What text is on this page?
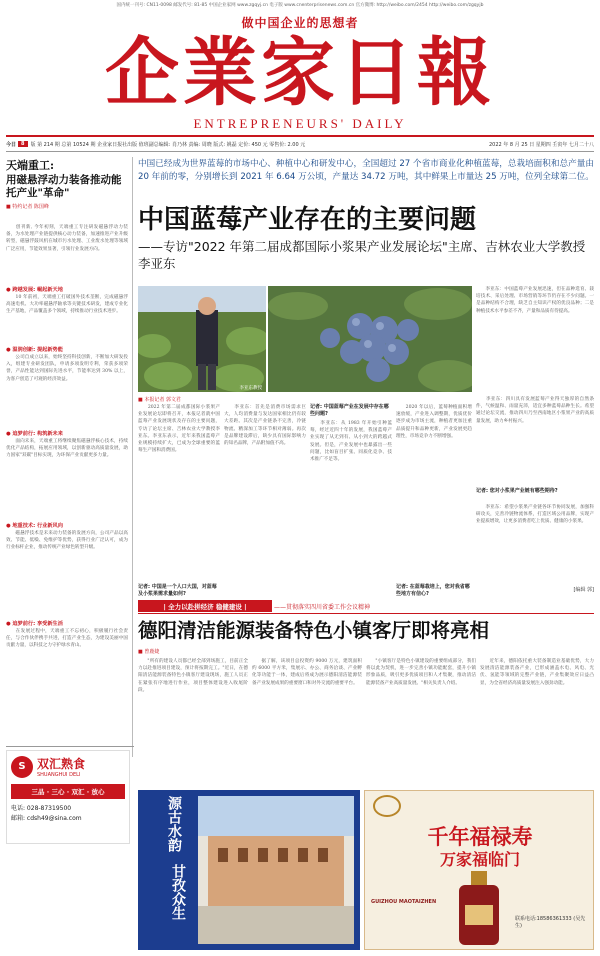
国内统一刊号: CN11-0098 邮发代号: 81-85 中国企业家网 www.zgqyj.cn 电子版 www.cnenterprisenews.com.cn 官方微博: http://weibo.com/2454 http://weibo.com/zgqyjb
做中国企业的思想者
企業家日報
ENTREPRENEURS' DAILY
今日	8	版 第 214 期 总第 10524 期 企业家日报社出版 值班副总编辑: 肖乃林 责编: 周晓 版式: 姚磊 定价: 450 元 零售价: 2.00 元	2022 年 8 月 25 日 星期四 壬寅年 七月二十八
天端重工:
用磁悬浮动力装备推动能托产业"革命"
■ 特约记者 陈国峰
　　创刊新, 今年初刻，天端重工专注研发磁悬浮动力装备，为水处理产业链提供核心动力装备，加速推进产业升级转型，磁悬浮鼓风机在城市污水处理、工业废水处理等领域广泛应用，节能效果显著，引领行业发展方向。
● 跨越发展: 崛起新天地
　　10 年前初，天端重工打破国外技术垄断，完成磁悬浮高速电机、大功率磁悬浮轴承等关键技术研发，建成专业化生产基地，产品覆盖多个领域，持续推动行业技术进步。
● 温润创新: 提起新势能
　　公司自成立以来，始终坚持科技创新，不断加大研发投入，组建专业研发团队，申请多项发明专利，荣获多项荣誉，产品性能达到国际先进水平，节能率达到 30% 以上，为客户创造了可观的经济效益。
● 追梦前行: 构筑新未来
　　面向未来，天端重工将继续聚焦磁悬浮核心技术，持续优化产品结构，拓展应用领域，以创新驱动高质量发展，助力国家"双碳"目标实现，为环保产业贡献更多力量。
● 地重技术: 行业新风向
　　磁悬浮技术是未来动力装备的发展方向，公司产品以高效、节能、低噪、免维护等优势，获得行业广泛认可，成为行业标杆企业，推动传统产业绿色转型升级。
● 追梦前行: 享受新生活
　　在发展过程中，天端重工不忘初心，积极履行社会责任，与合作伙伴携手共进，打造产业生态，为建设美丽中国贡献力量，以科技之力守护绿水青山。
中国已经成为世界蓝莓的市场中心、种植中心和研发中心，全国超过 27 个省市商业化种植蓝莓，总栽培面积和总产量由 20 年前的零，分别增长到 2021 年 6.64 万公顷，产量达 34.72 万吨，其中鲜果上市量达 25 万吨，位列全球第二位。
中国蓝莓产业存在的主要问题
——专访"2022 年第二届成都国际小浆果产业发展论坛"主席、吉林农业大学教授李亚东
李亚东教授
　　李亚东：中国蓝莓产业发展迅速，但在品种选育、栽培技术、采后处理、市场营销等环节仍存在不少问题。一是品种结构不合理，缺乏自主知识产权的优良品种；二是种植技术水平参差不齐，产量和品质有待提高。
■ 本报记者 郭文君
　　2022 年第二届成都国际小浆果产业发展论坛即将召开，本报记者就中国蓝莓产业发展现状及存在的主要问题，专访了论坛主席、吉林农业大学教授李亚东。李亚东表示，近年来我国蓝莓产业规模持续扩大，已成为全球重要的蓝莓生产国和消费国。
记者: 中国是一个人口大国，对蓝莓及小浆果需求量如何?
　　李亚东：首先是消费市场需求巨大，人均消费量与发达国家相比仍有较大差距。其次是产业链条不完善，冷链物流、精深加工等环节相对薄弱。再次是品牌建设滞后，缺少具有国际影响力的知名品牌，产品附加值不高。
记者: 中国蓝莓产业在发展中存在哪些问题?
　　李亚东：从 1983 年开始引种蓝莓，经过近四十年的发展，我国蓝莓产业实现了从无到有、从小到大的跨越式发展。但是，产业发展中也暴露出一些问题，比如盲目扩张、同质化竞争、技术推广不足等。
　　2020 年以后，蓝莓种植面积增速放缓，产业进入调整期，优质优价逐步成为市场主流，种植者更加注重品质提升和品种更新，产业发展更趋理性，市场竞争力不断增强。
记者: 在蓝莓栽培上，您对我省哪些地方有信心?
　　李亚东：四川具有发展蓝莓产业得天独厚的自然条件，气候温和、雨量充沛，适宜多种蓝莓品种生长。希望通过论坛交流，推动四川乃至西南地区小浆果产业的高质量发展，助力乡村振兴。
记者: 您对小浆果产业链有哪些期待?
　　李亚东：希望小浆果产业链各环节协同发展，加强科研攻关，完善冷链物流体系，打造区域公用品牌，实现产业提质增效，让更多消费者吃上优质、健康的小浆果。
[编辑 郭]
| 全力以赴拼经济 稳健建设 |	——贯彻落实四川省委工作会议精神
德阳清洁能源装备特色小镇客厅即将亮相
■ 曾鹿婕
　　"所有的建设人员都已经全部到场施工，目前正全力以赴推进项目建设，预计将按期完工。"近日，在德阳清洁能源装备特色小镇客厅建设现场，施工人员正在紧张有序地进行作业，项目整体建设进入收尾阶段。
　　据了解，该项目总投资约 9000 万元，建筑面积约 6000 平方米，集展示、办公、商务洽谈、产业孵化等功能于一体，建成后将成为展示德阳清洁能源装备产业发展成果的重要窗口和对外交流的重要平台。
　　"小镇客厅是特色小镇建设的重要组成部分，我们将以此为契机，进一步完善小镇功能配套，提升小镇形象品质，吸引更多优质项目和人才集聚，推动清洁能源装备产业高质量发展。"相关负责人介绍。
　　近年来，德阳依托重大装备制造业基础优势，大力发展清洁能源装备产业，已形成涵盖水电、风电、光伏、氢能等领域的完整产业链，产业集聚效应日益凸显，为全省经济高质量发展注入强劲动能。
S 双汇熟食
SHUANGHUI DELI
三品 · 三心 · 双汇 · 放心
电话: 028-87319500
邮箱: cdsh49@sina.com	源古水韵
甘孜众生
千年福禄寿
万家福临门
GUIZHOU MAOTAIZHEN
联系电话:18586361333 (吴先生)
